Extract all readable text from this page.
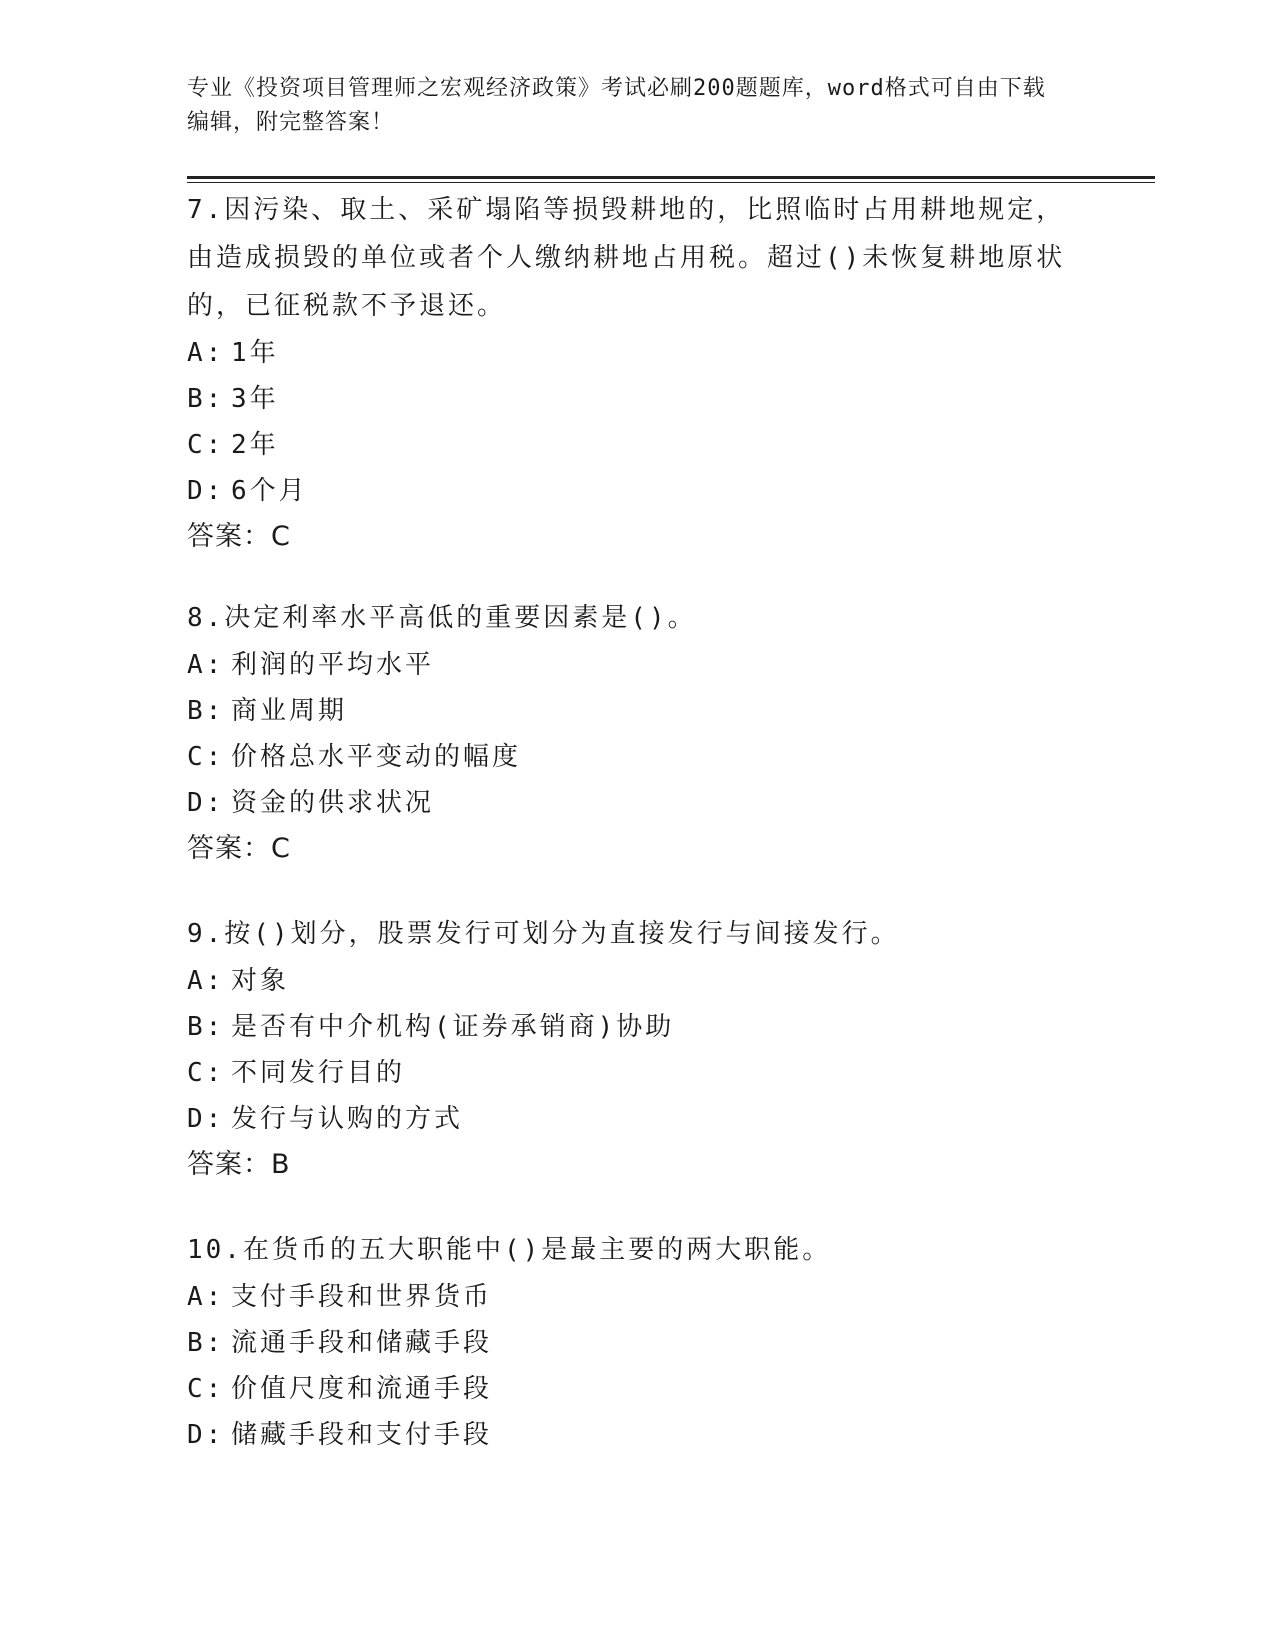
专业《投资项目管理师之宏观经济政策》考试必刷200题题库，word格式可自由下载编辑，附完整答案！

7.因污染、取土、采矿塌陷等损毁耕地的，比照临时占用耕地规定，由造成损毁的单位或者个人缴纳耕地占用税。超过()未恢复耕地原状的，已征税款不予退还。

A: 1年
B: 3年
C: 2年
D: 6个月

答案：C

8.决定利率水平高低的重要因素是()。

A: 利润的平均水平
B: 商业周期
C: 价格总水平变动的幅度
D: 资金的供求状况

答案：C

9.按()划分，股票发行可划分为直接发行与间接发行。

A: 对象
B: 是否有中介机构(证券承销商)协助
C: 不同发行目的
D: 发行与认购的方式

答案：B

10.在货币的五大职能中()是最主要的两大职能。

A: 支付手段和世界货币
B: 流通手段和储藏手段
C: 价值尺度和流通手段
D: 储藏手段和支付手段
